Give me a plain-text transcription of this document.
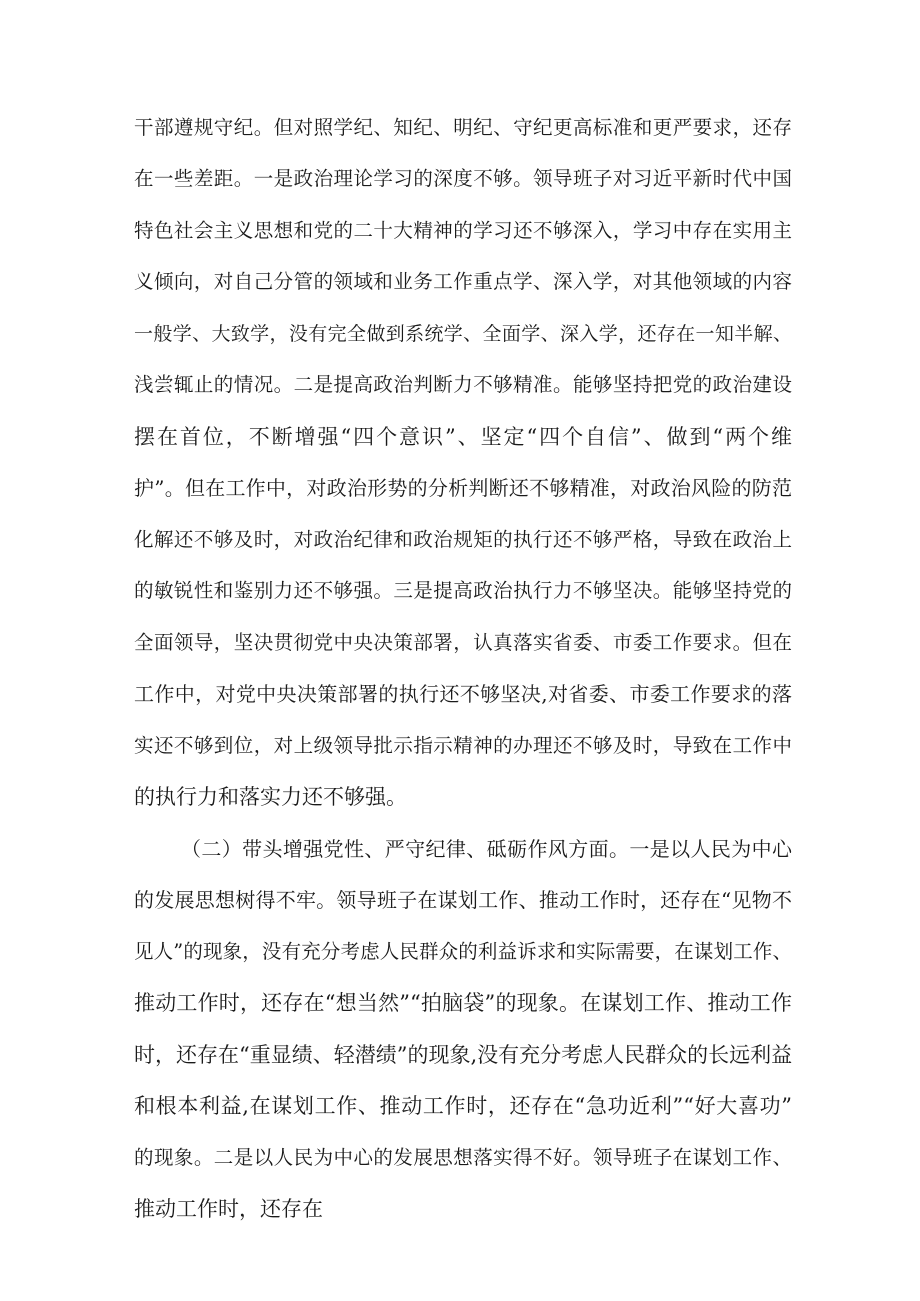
干部遵规守纪。但对照学纪、知纪、明纪、守纪更高标准和更严要求，还存
在一些差距。一是政治理论学习的深度不够。领导班子对习近平新时代中国
特色社会主义思想和党的二十大精神的学习还不够深入，学习中存在实用主
义倾向，对自己分管的领域和业务工作重点学、深入学，对其他领域的内容
一般学、大致学，没有完全做到系统学、全面学、深入学，还存在一知半解、
浅尝辄止的情况。二是提高政治判断力不够精准。能够坚持把党的政治建设
摆在首位，不断增强“四个意识”、坚定“四个自信”、做到“两个维
护”。但在工作中，对政治形势的分析判断还不够精准，对政治风险的防范
化解还不够及时，对政治纪律和政治规矩的执行还不够严格，导致在政治上
的敏锐性和鉴别力还不够强。三是提高政治执行力不够坚决。能够坚持党的
全面领导，坚决贯彻党中央决策部署，认真落实省委、市委工作要求。但在
工作中，对党中央决策部署的执行还不够坚决,对省委、市委工作要求的落
实还不够到位，对上级领导批示指示精神的办理还不够及时，导致在工作中
的执行力和落实力还不够强。
（二）带头增强党性、严守纪律、砥砺作风方面。一是以人民为中心
的发展思想树得不牢。领导班子在谋划工作、推动工作时，还存在“见物不
见人”的现象，没有充分考虑人民群众的利益诉求和实际需要，在谋划工作、
推动工作时，还存在“想当然”“拍脑袋”的现象。在谋划工作、推动工作
时，还存在“重显绩、轻潜绩”的现象,没有充分考虑人民群众的长远利益
和根本利益,在谋划工作、推动工作时，还存在“急功近利”“好大喜功”
的现象。二是以人民为中心的发展思想落实得不好。领导班子在谋划工作、
推动工作时，还存在
